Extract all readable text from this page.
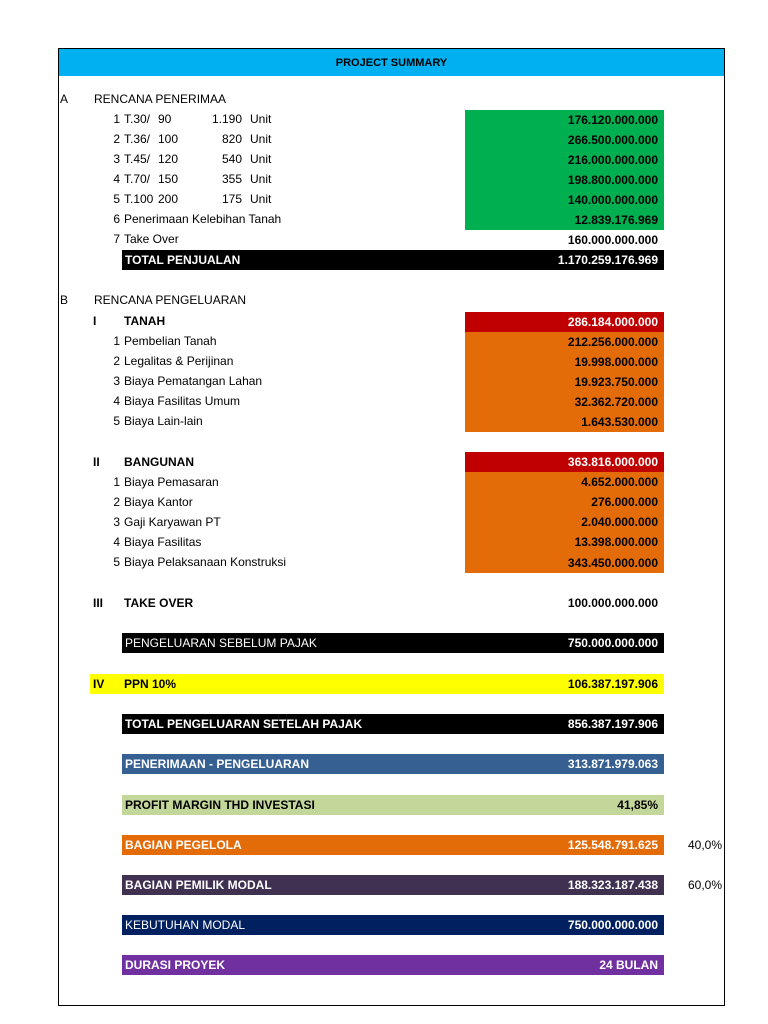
PROJECT SUMMARY
A RENCANA PENERIMAA
1 T.30/ 90	1.190 Unit	176.120.000.000
2 T.36/ 100	820 Unit	266.500.000.000
3 T.45/ 120	540 Unit	216.000.000.000
4 T.70/ 150	355 Unit	198.800.000.000
5 T.100 200	175 Unit	140.000.000.000
6 Penerimaan Kelebihan Tanah	12.839.176.969
7 Take Over	160.000.000.000
TOTAL PENJUALAN	1.170.259.176.969
B RENCANA PENGELUARAN
I TANAH	286.184.000.000
1 Pembelian Tanah	212.256.000.000
2 Legalitas & Perijinan	19.998.000.000
3 Biaya Pematangan Lahan	19.923.750.000
4 Biaya Fasilitas Umum	32.362.720.000
5 Biaya Lain-lain	1.643.530.000
II BANGUNAN	363.816.000.000
1 Biaya Pemasaran	4.652.000.000
2 Biaya Kantor	276.000.000
3 Gaji Karyawan PT	2.040.000.000
4 Biaya Fasilitas	13.398.000.000
5 Biaya Pelaksanaan Konstruksi	343.450.000.000
III TAKE OVER	100.000.000.000
PENGELUARAN SEBELUM PAJAK	750.000.000.000
IV PPN 10%	106.387.197.906
TOTAL PENGELUARAN SETELAH PAJAK	856.387.197.906
PENERIMAAN - PENGELUARAN	313.871.979.063
PROFIT MARGIN THD INVESTASI	41,85%
BAGIAN PEGELOLA	125.548.791.625	40,0%
BAGIAN PEMILIK MODAL	188.323.187.438	60,0%
KEBUTUHAN MODAL	750.000.000.000
DURASI PROYEK	24 BULAN
